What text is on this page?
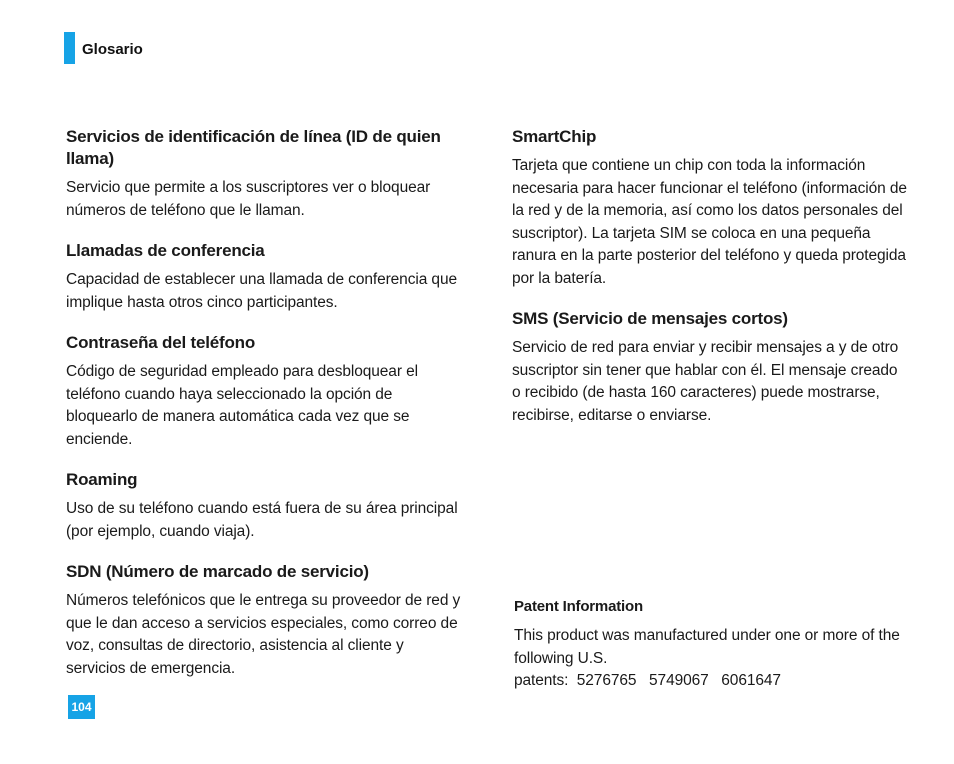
Glosario

Servicios de identificación de línea (ID de quien llama)

Servicio que permite a los suscriptores ver o bloquear números de teléfono que le llaman.

Llamadas de conferencia

Capacidad de establecer una llamada de conferencia que implique hasta otros cinco participantes.

Contraseña del teléfono

Código de seguridad empleado para desbloquear el teléfono cuando haya seleccionado la opción de bloquearlo de manera automática cada vez que se enciende.

Roaming

Uso de su teléfono cuando está fuera de su área principal (por ejemplo, cuando viaja).

SDN (Número de marcado de servicio)

Números telefónicos que le entrega su proveedor de red y que le dan acceso a servicios especiales, como correo de voz, consultas de directorio, asistencia al cliente y servicios de emergencia.

SmartChip

Tarjeta que contiene un chip con toda la información necesaria para hacer funcionar el teléfono (información de la red y de la memoria, así como los datos personales del suscriptor). La tarjeta SIM se coloca en una pequeña ranura en la parte posterior del teléfono y queda protegida por la batería.

SMS (Servicio de mensajes cortos)

Servicio de red para enviar y recibir mensajes a y de otro suscriptor sin tener que hablar con él. El mensaje creado o recibido (de hasta 160 caracteres) puede mostrarse, recibirse, editarse o enviarse.

Patent Information

This product was manufactured under one or more of the following U.S.

patents:  5276765   5749067   6061647

104
